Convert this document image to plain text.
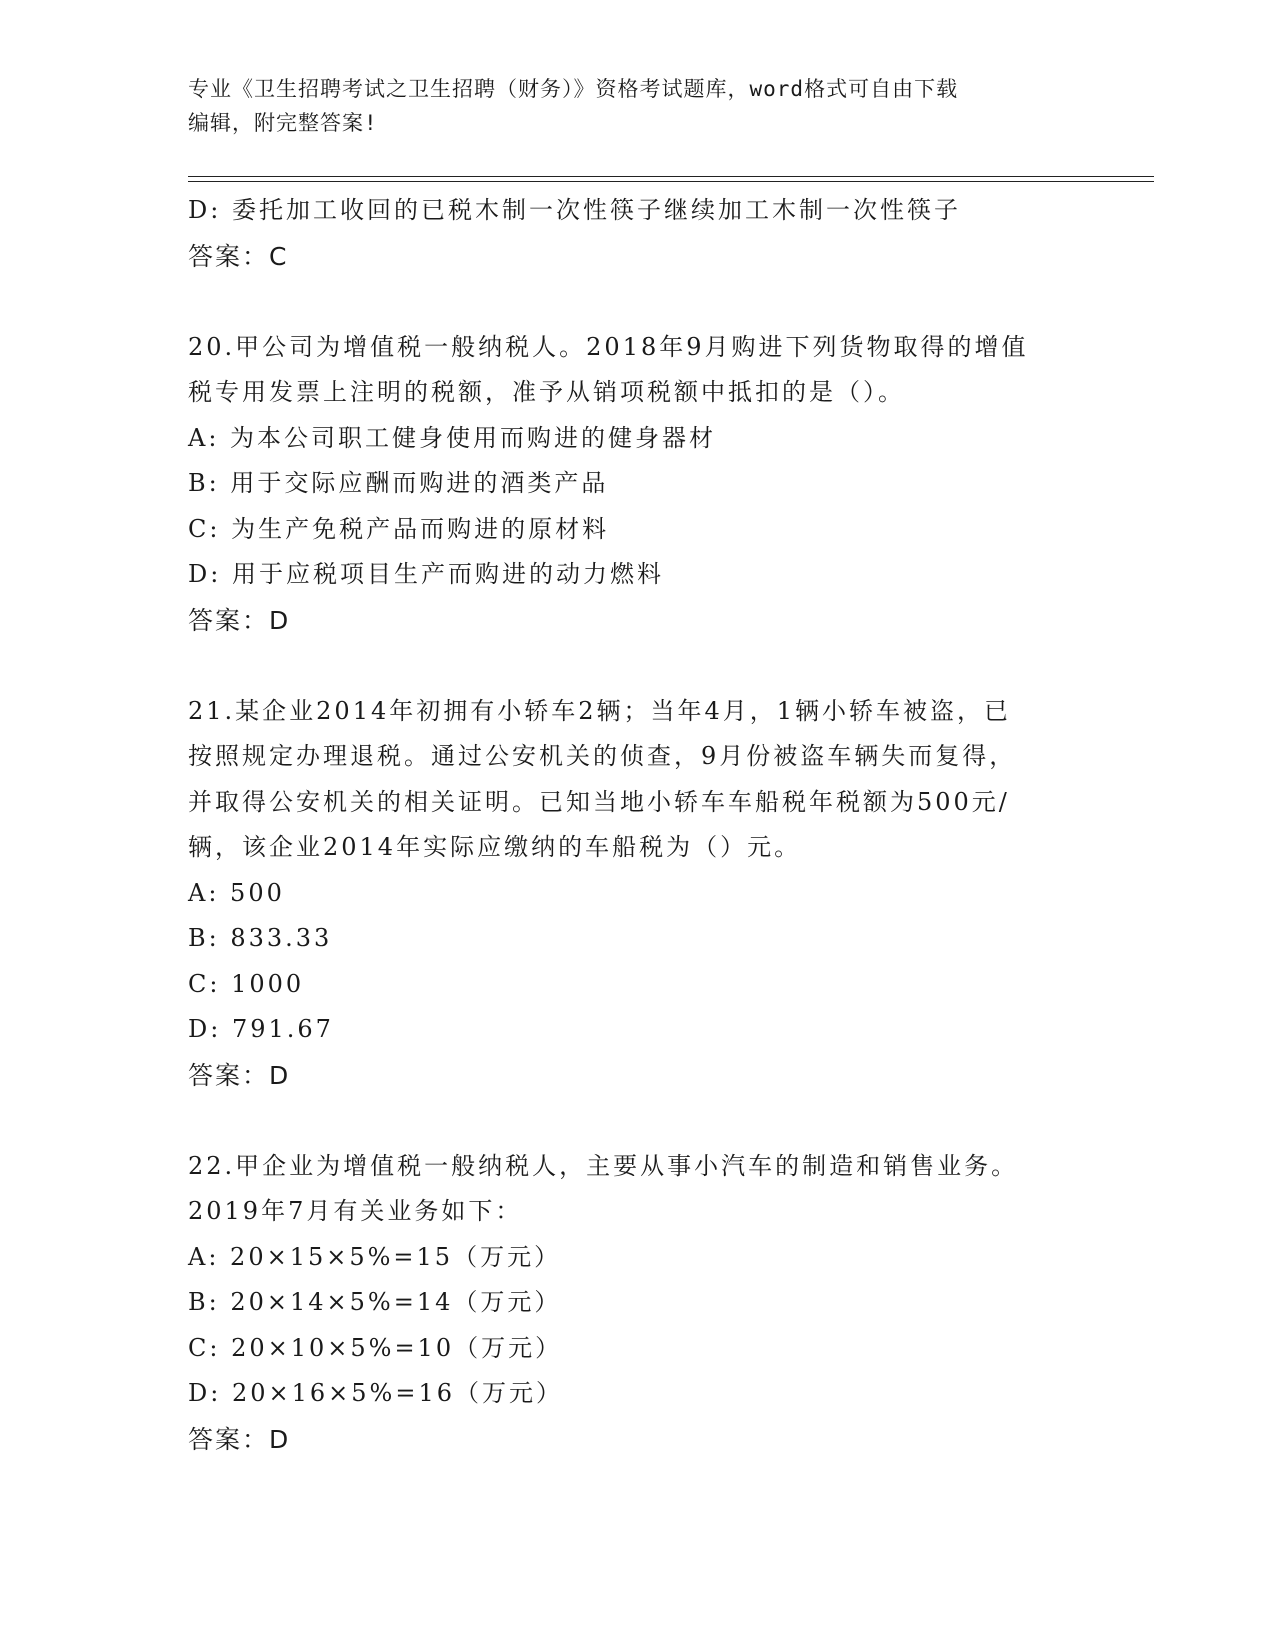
专业《卫生招聘考试之卫生招聘（财务）》资格考试题库，word格式可自由下载
编辑，附完整答案!
D: 委托加工收回的已税木制一次性筷子继续加工木制一次性筷子
答案：C
20.甲公司为增值税一般纳税人。2018年9月购进下列货物取得的增值
税专用发票上注明的税额，准予从销项税额中抵扣的是（）。
A: 为本公司职工健身使用而购进的健身器材
B: 用于交际应酬而购进的酒类产品
C: 为生产免税产品而购进的原材料
D: 用于应税项目生产而购进的动力燃料
答案：D
21.某企业2014年初拥有小轿车2辆；当年4月，1辆小轿车被盗，已
按照规定办理退税。通过公安机关的侦查，9月份被盗车辆失而复得，
并取得公安机关的相关证明。已知当地小轿车车船税年税额为500元/
辆，该企业2014年实际应缴纳的车船税为（）元。
A: 500
B: 833.33
C: 1000
D: 791.67
答案：D
22.甲企业为增值税一般纳税人，主要从事小汽车的制造和销售业务。
2019年7月有关业务如下：
A: 20×15×5%=15（万元）
B: 20×14×5%=14（万元）
C: 20×10×5%=10（万元）
D: 20×16×5%=16（万元）
答案：D
